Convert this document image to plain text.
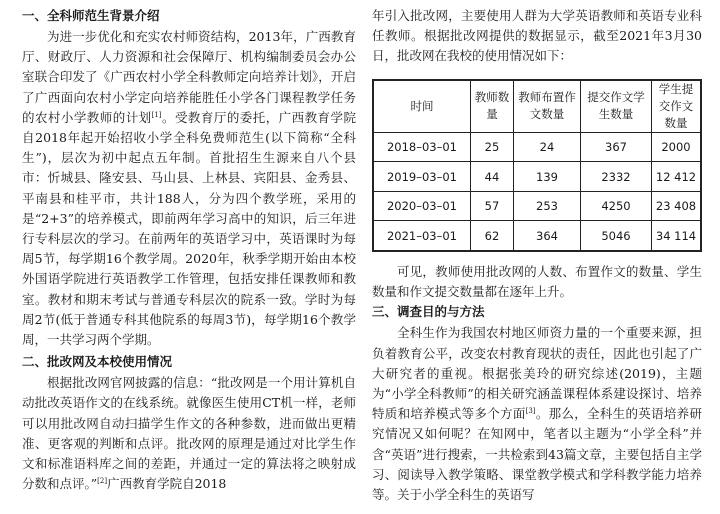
一、全科师范生背景介绍

为进一步优化和充实农村师资结构，2013年，广西教育厅、财政厅、人力资源和社会保障厅、机构编制委员会办公室联合印发了《广西农村小学全科教师定向培养计划》，开启了广西面向农村小学定向培养能胜任小学各门课程教学任务的农村小学教师的计划[1]。受教育厅的委托，广西教育学院自2018年起开始招收小学全科免费师范生(以下简称“全科生”)，层次为初中起点五年制。首批招生生源来自八个县市：忻城县、隆安县、马山县、上林县、宾阳县、金秀县、平南县和桂平市，共计188人，分为四个教学班，采用的是“2+3”的培养模式，即前两年学习高中的知识，后三年进行专科层次的学习。在前两年的英语学习中，英语课时为每周5节，每学期16个教学周。2020年，秋季学期开始由本校外国语学院进行英语教学工作管理，包括安排任课教师和教室。教材和期末考试与普通专科层次的院系一致。学时为每周2节(低于普通专科其他院系的每周3节)，每学期16个教学周，一共学习两个学期。

二、批改网及本校使用情况

根据批改网官网披露的信息：“批改网是一个用计算机自动批改英语作文的在线系统。就像医生使用CT机一样，老师可以用批改网自动扫描学生作文的各种参数，进而做出更精准、更客观的判断和点评。批改网的原理是通过对比学生作文和标准语料库之间的差距，并通过一定的算法将之映射成分数和点评。”[2]广西教育学院自2018

年引入批改网，主要使用人群为大学英语教师和英语专业科任教师。根据批改网提供的数据显示，截至2021年3月30日，批改网在我校的使用情况如下：

时间	教师数量	教师布置作文数量	提交作文学生数量	学生提交作文数量
2018–03–01	25	24	367	2000
2019–03–01	44	139	2332	12 412
2020–03–01	57	253	4250	23 408
2021–03–01	62	364	5046	34 114

可见，教师使用批改网的人数、布置作文的数量、学生数量和作文提交数量都在逐年上升。

三、调查目的与方法

全科生作为我国农村地区师资力量的一个重要来源，担负着教育公平，改变农村教育现状的责任，因此也引起了广大研究者的重视。根据张美玲的研究综述(2019)，主题为“小学全科教师”的相关研究涵盖课程体系建设探讨、培养特质和培养模式等多个方面[3]。那么，全科生的英语培养研究情况又如何呢？在知网中，笔者以主题为“小学全科”并含“英语”进行搜索，一共检索到43篇文章，主要包括自主学习、阅读导入教学策略、课堂教学模式和学科教学能力培养等。关于小学全科生的英语写
